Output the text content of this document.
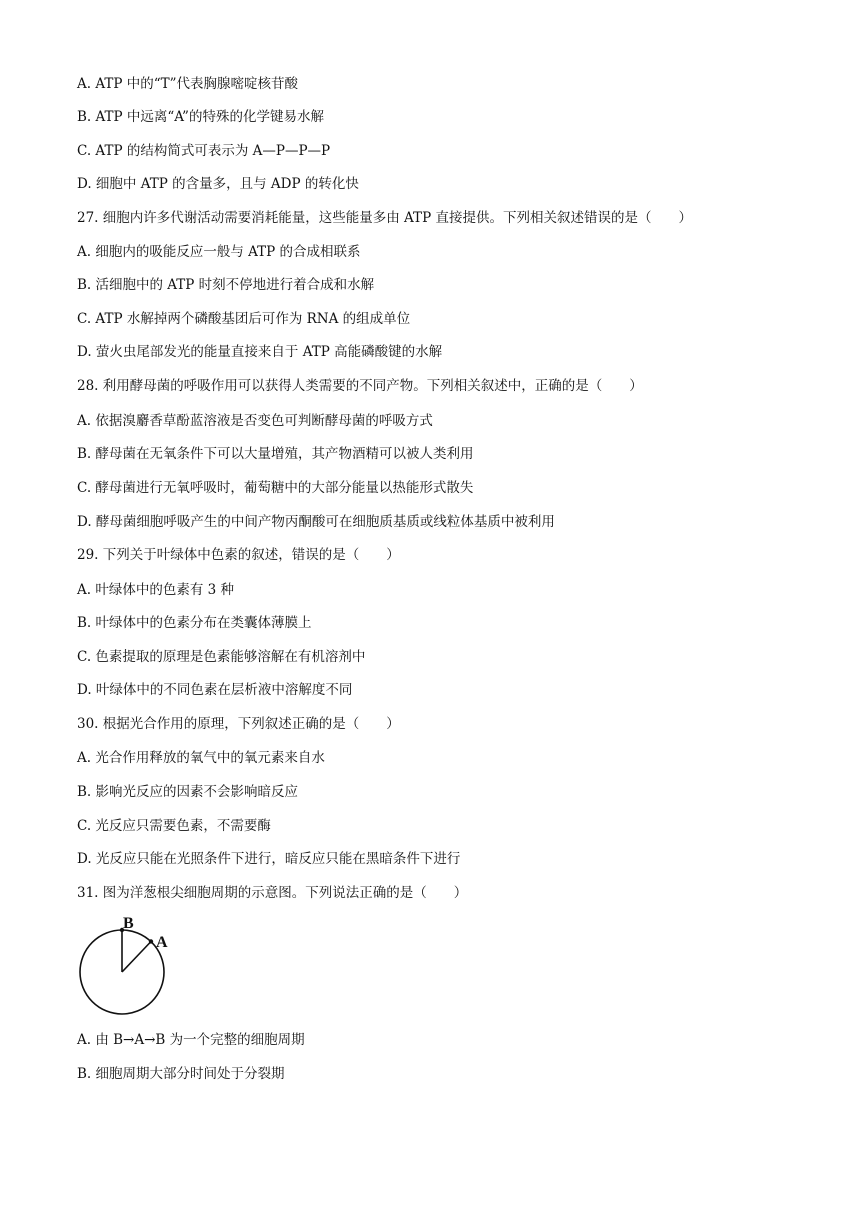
A. ATP 中的“T”代表胸腺嘧啶核苷酸
B. ATP 中远离“A”的特殊的化学键易水解
C. ATP 的结构简式可表示为 A—P—P—P
D. 细胞中 ATP 的含量多，且与 ADP 的转化快
27. 细胞内许多代谢活动需要消耗能量，这些能量多由 ATP 直接提供。下列相关叙述错误的是（　　）
A. 细胞内的吸能反应一般与 ATP 的合成相联系
B. 活细胞中的 ATP 时刻不停地进行着合成和水解
C. ATP 水解掉两个磷酸基团后可作为 RNA 的组成单位
D. 萤火虫尾部发光的能量直接来自于 ATP 高能磷酸键的水解
28. 利用酵母菌的呼吸作用可以获得人类需要的不同产物。下列相关叙述中，正确的是（　　）
A. 依据溴麝香草酚蓝溶液是否变色可判断酵母菌的呼吸方式
B. 酵母菌在无氧条件下可以大量增殖，其产物酒精可以被人类利用
C. 酵母菌进行无氧呼吸时，葡萄糖中的大部分能量以热能形式散失
D. 酵母菌细胞呼吸产生的中间产物丙酮酸可在细胞质基质或线粒体基质中被利用
29. 下列关于叶绿体中色素的叙述，错误的是（　　）
A. 叶绿体中的色素有 3 种
B. 叶绿体中的色素分布在类囊体薄膜上
C. 色素提取的原理是色素能够溶解在有机溶剂中
D. 叶绿体中的不同色素在层析液中溶解度不同
30. 根据光合作用的原理，下列叙述正确的是（　　）
A. 光合作用释放的氧气中的氧元素来自水
B. 影响光反应的因素不会影响暗反应
C. 光反应只需要色素，不需要酶
D. 光反应只能在光照条件下进行，暗反应只能在黑暗条件下进行
31. 图为洋葱根尖细胞周期的示意图。下列说法正确的是（　　）
B
A
A. 由 B→A→B 为一个完整的细胞周期
B. 细胞周期大部分时间处于分裂期
